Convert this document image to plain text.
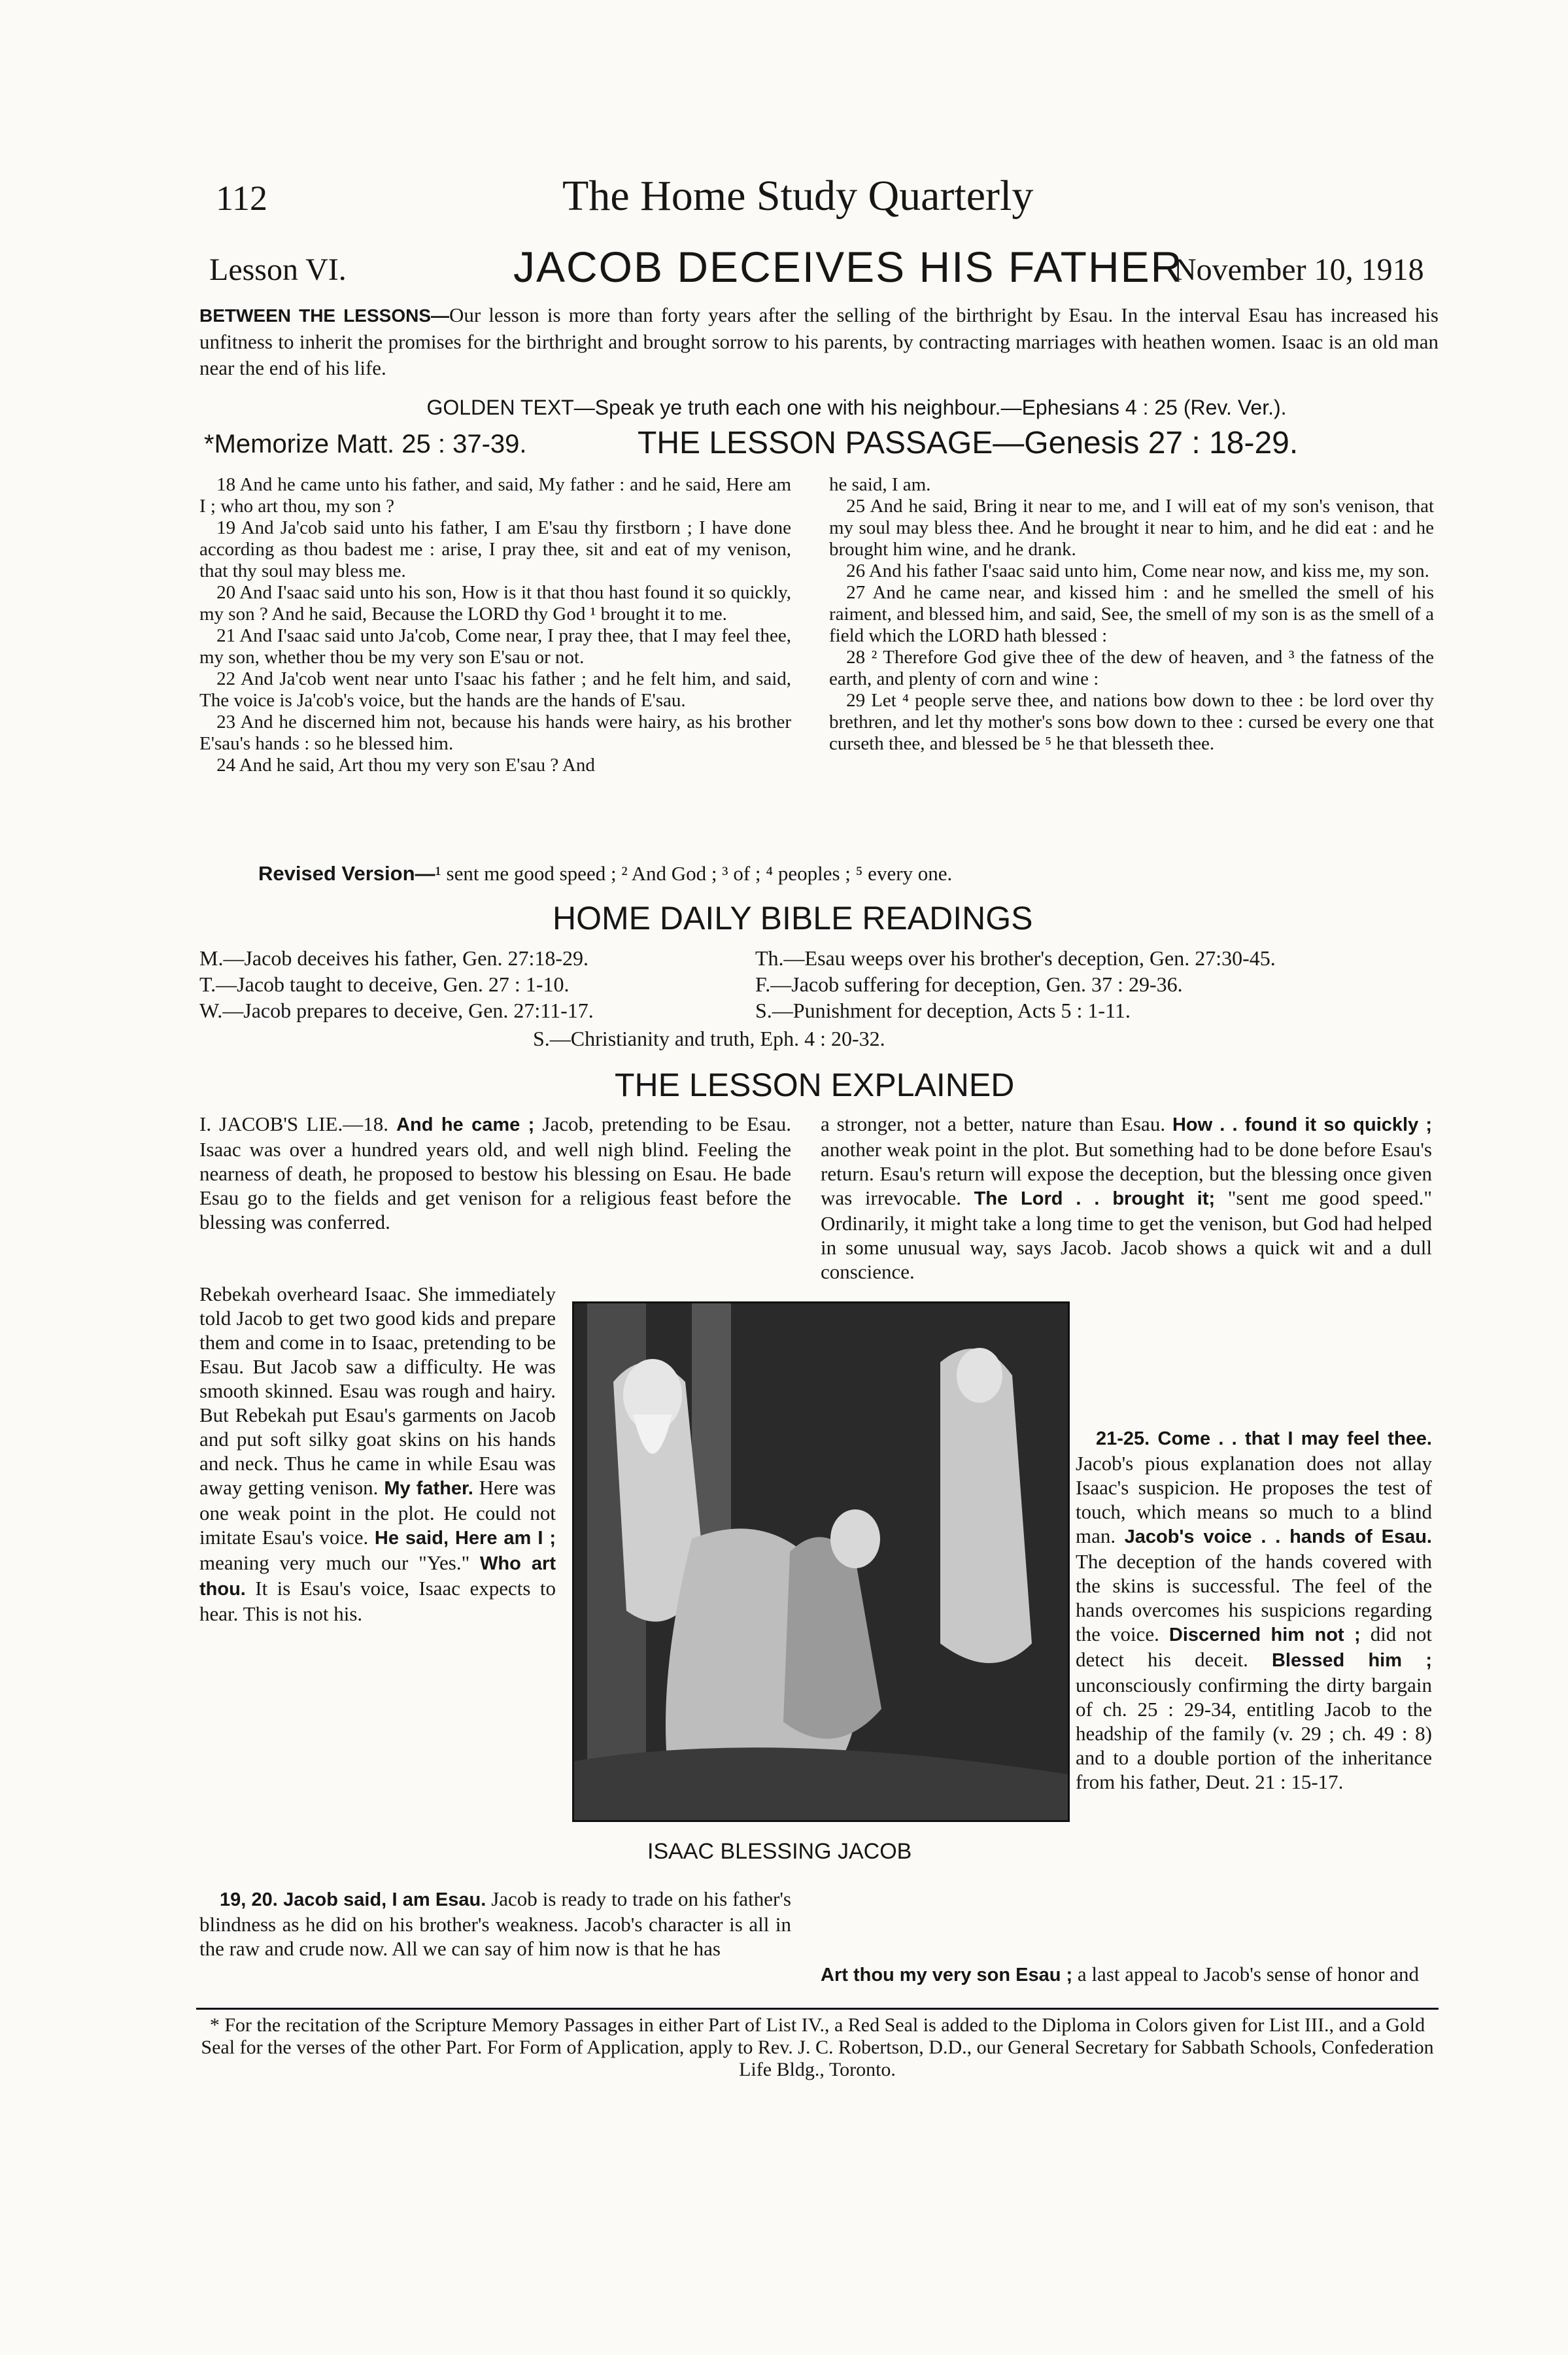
112	The Home Study Quarterly
Lesson VI.	JACOB DECEIVES HIS FATHER
November 10, 1918
BETWEEN THE LESSONS—Our lesson is more than forty years after the selling of the birthright by Esau. In the interval Esau has increased his unfitness to inherit the promises for the birthright and brought sorrow to his parents, by contracting marriages with heathen women. Isaac is an old man near the end of his life.
GOLDEN TEXT—Speak ye truth each one with his neighbour.—Ephesians 4 : 25 (Rev. Ver.).
*Memorize Matt. 25 : 37-39.	THE LESSON PASSAGE—Genesis 27 : 18-29.

18 And he came unto his father, and said, My father : and he said, Here am I ; who art thou, my son ?

19 And Ja'cob said unto his father, I am E'sau thy firstborn ; I have done according as thou badest me : arise, I pray thee, sit and eat of my venison, that thy soul may bless me.

20 And I'saac said unto his son, How is it that thou hast found it so quickly, my son ? And he said, Because the LORD thy God ¹ brought it to me.

21 And I'saac said unto Ja'cob, Come near, I pray thee, that I may feel thee, my son, whether thou be my very son E'sau or not.

22 And Ja'cob went near unto I'saac his father ; and he felt him, and said, The voice is Ja'cob's voice, but the hands are the hands of E'sau.

23 And he discerned him not, because his hands were hairy, as his brother E'sau's hands : so he blessed him.

24 And he said, Art thou my very son E'sau ? And

he said, I am.

25 And he said, Bring it near to me, and I will eat of my son's venison, that my soul may bless thee. And he brought it near to him, and he did eat : and he brought him wine, and he drank.

26 And his father I'saac said unto him, Come near now, and kiss me, my son.

27 And he came near, and kissed him : and he smelled the smell of his raiment, and blessed him, and said, See, the smell of my son is as the smell of a field which the LORD hath blessed :

28 ² Therefore God give thee of the dew of heaven, and ³ the fatness of the earth, and plenty of corn and wine :

29 Let ⁴ people serve thee, and nations bow down to thee : be lord over thy brethren, and let thy mother's sons bow down to thee : cursed be every one that curseth thee, and blessed be ⁵ he that blesseth thee.

Revised Version—¹ sent me good speed ; ² And God ; ³ of ; ⁴ peoples ; ⁵ every one.
HOME DAILY BIBLE READINGS
M.—Jacob deceives his father, Gen. 27:18-29.
T.—Jacob taught to deceive, Gen. 27 : 1-10.
W.—Jacob prepares to deceive, Gen. 27:11-17.
Th.—Esau weeps over his brother's deception, Gen. 27:30-45.
F.—Jacob suffering for deception, Gen. 37 : 29-36.
S.—Punishment for deception, Acts 5 : 1-11.
S.—Christianity and truth, Eph. 4 : 20-32.
THE LESSON EXPLAINED

I. JACOB'S LIE.—18. And he came ; Jacob, pretending to be Esau. Isaac was over a hundred years old, and well nigh blind. Feeling the nearness of death, he proposed to bestow his blessing on Esau. He bade Esau go to the fields and get venison for a religious feast before the blessing was conferred.

Rebekah overheard Isaac. She immediately told Jacob to get two good kids and prepare them and come in to Isaac, pretending to be Esau. But Jacob saw a difficulty. He was smooth skinned. Esau was rough and hairy. But Rebekah put Esau's garments on Jacob and put soft silky goat skins on his hands and neck. Thus he came in while Esau was away getting venison. My father. Here was one weak point in the plot. He could not imitate Esau's voice. He said, Here am I ; meaning very much our "Yes." Who art thou. It is Esau's voice, Isaac expects to hear. This is not his.

19, 20. Jacob said, I am Esau. Jacob is ready to trade on his father's blindness as he did on his brother's weakness. Jacob's character is all in the raw and crude now. All we can say of him now is that he has

a stronger, not a better, nature than Esau. How . . found it so quickly ; another weak point in the plot. But something had to be done before Esau's return. Esau's return will expose the deception, but the blessing once given was irrevocable. The Lord . . brought it; "sent me good speed." Ordinarily, it might take a long time to get the venison, but God had helped in some unusual way, says Jacob. Jacob shows a quick wit and a dull conscience.

21-25. Come . . that I may feel thee. Jacob's pious explanation does not allay Isaac's suspicion. He proposes the test of touch, which means so much to a blind man. Jacob's voice . . hands of Esau. The deception of the hands covered with the skins is successful. The feel of the hands overcomes his suspicions regarding the voice. Discerned him not ; did not detect his deceit. Blessed him ; unconsciously confirming the dirty bargain of ch. 25 : 29-34, entitling Jacob to the headship of the family (v. 29 ; ch. 49 : 8) and to a double portion of the inheritance from his father, Deut. 21 : 15-17.

Art thou my very son Esau ; a last appeal to Jacob's sense of honor and

ISAAC BLESSING JACOB
* For the recitation of the Scripture Memory Passages in either Part of List IV., a Red Seal is added to the Diploma in Colors given for List III., and a Gold Seal for the verses of the other Part. For Form of Application, apply to Rev. J. C. Robertson, D.D., our General Secretary for Sabbath Schools, Confederation Life Bldg., Toronto.
